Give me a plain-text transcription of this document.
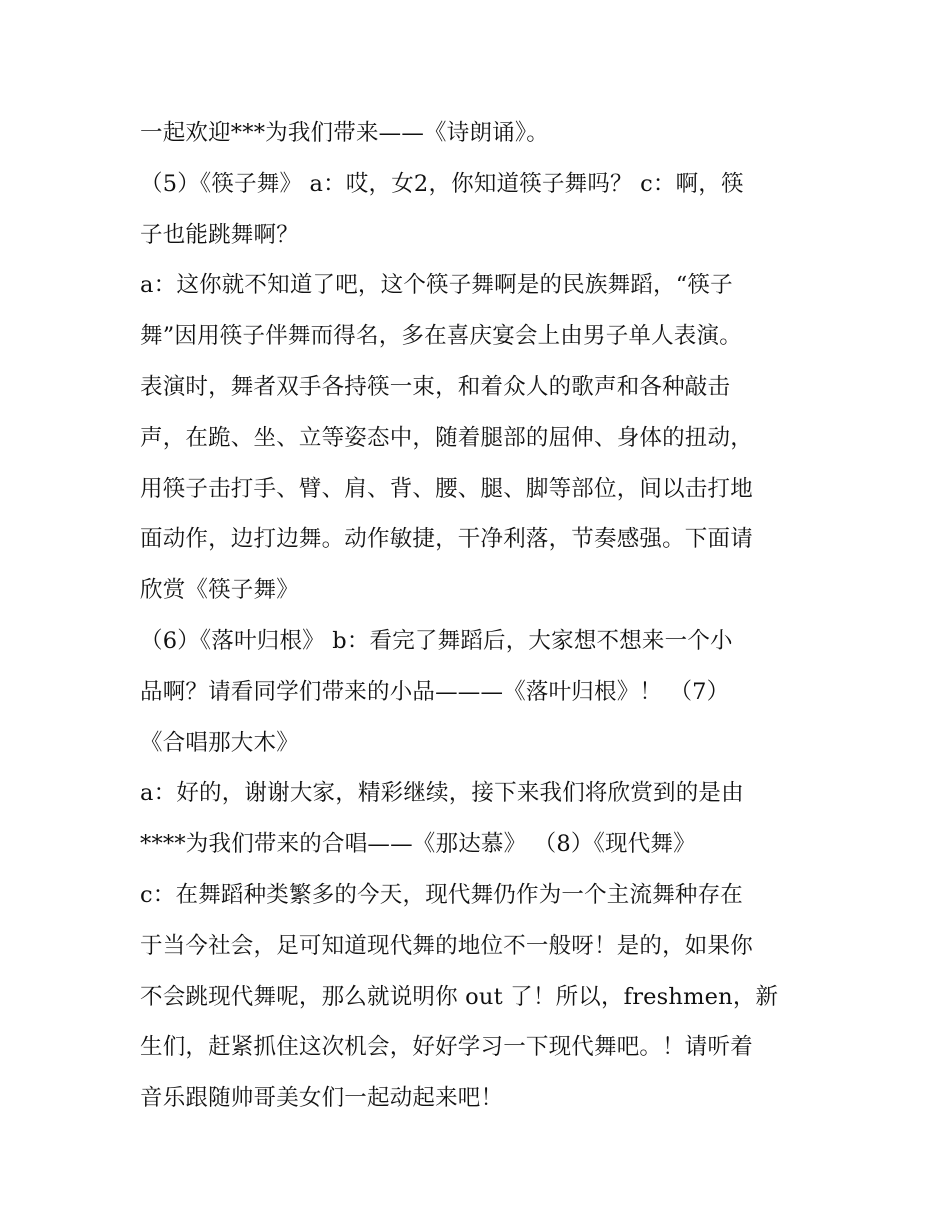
一起欢迎***为我们带来——《诗朗诵》。
（5）《筷子舞》 a：哎，女2，你知道筷子舞吗？ c：啊，筷
子也能跳舞啊？
a：这你就不知道了吧，这个筷子舞啊是的民族舞蹈，“筷子
舞”因用筷子伴舞而得名，多在喜庆宴会上由男子单人表演。
表演时，舞者双手各持筷一束，和着众人的歌声和各种敲击
声，在跪、坐、立等姿态中，随着腿部的屈伸、身体的扭动，
用筷子击打手、臂、肩、背、腰、腿、脚等部位，间以击打地
面动作，边打边舞。动作敏捷，干净利落，节奏感强。下面请
欣赏《筷子舞》
（6）《落叶归根》 b：看完了舞蹈后，大家想不想来一个小
品啊？请看同学们带来的小品———《落叶归根》！ （7）
《合唱那大木》
a：好的，谢谢大家，精彩继续，接下来我们将欣赏到的是由
****为我们带来的合唱——《那达慕》 （8）《现代舞》
c：在舞蹈种类繁多的今天，现代舞仍作为一个主流舞种存在
于当今社会，足可知道现代舞的地位不一般呀！是的，如果你
不会跳现代舞呢，那么就说明你 out 了！所以，freshmen，新
生们，赶紧抓住这次机会，好好学习一下现代舞吧。！请听着
音乐跟随帅哥美女们一起动起来吧！
